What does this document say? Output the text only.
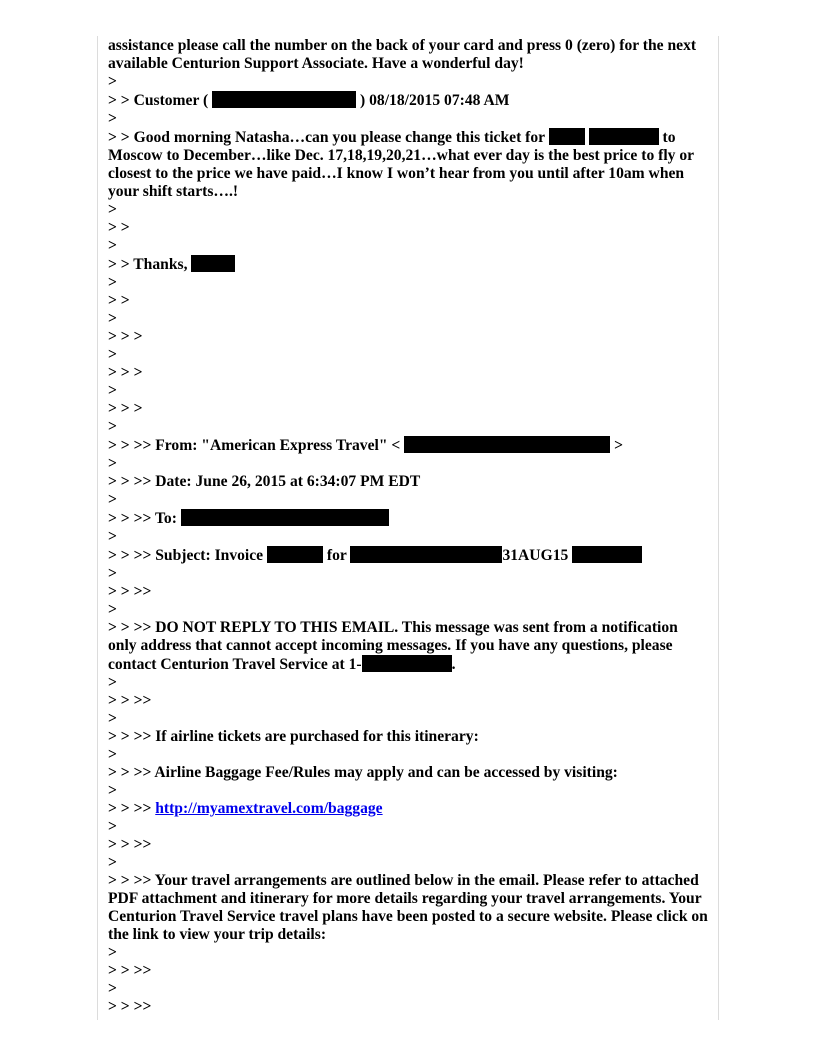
assistance please call the number on the back of your card and press 0 (zero) for the next available Centurion Support Associate. Have a wonderful day!
>
> > Customer (	) 08/18/2015 07:48 AM
>
> > Good morning Natasha…can you please change this ticket for	to Moscow to December…like Dec. 17,18,19,20,21…what ever day is the best price to fly or closest to the price we have paid…I know I won’t hear from you until after 10am when your shift starts….!
>
> >
>
> > Thanks,
>
> >
>
> > >
>
> > >
>
> > >
>
> > >> From: "American Express Travel" <	>
>
> > >> Date: June 26, 2015 at 6:34:07 PM EDT
>
> > >> To:
>
> > >> Subject: Invoice	for	31AUG15
>
> > >>
>
> > >> DO NOT REPLY TO THIS EMAIL. This message was sent from a notification only address that cannot accept incoming messages. If you have any questions, please contact Centurion Travel Service at 1-	.
>
> > >>
>
> > >> If airline tickets are purchased for this itinerary:
>
> > >> Airline Baggage Fee/Rules may apply and can be accessed by visiting:
>
> > >> http://myamextravel.com/baggage
>
> > >>
>
> > >> Your travel arrangements are outlined below in the email. Please refer to attached PDF attachment and itinerary for more details regarding your travel arrangements. Your Centurion Travel Service travel plans have been posted to a secure website. Please click on the link to view your trip details:
>
> > >>
>
> > >>
